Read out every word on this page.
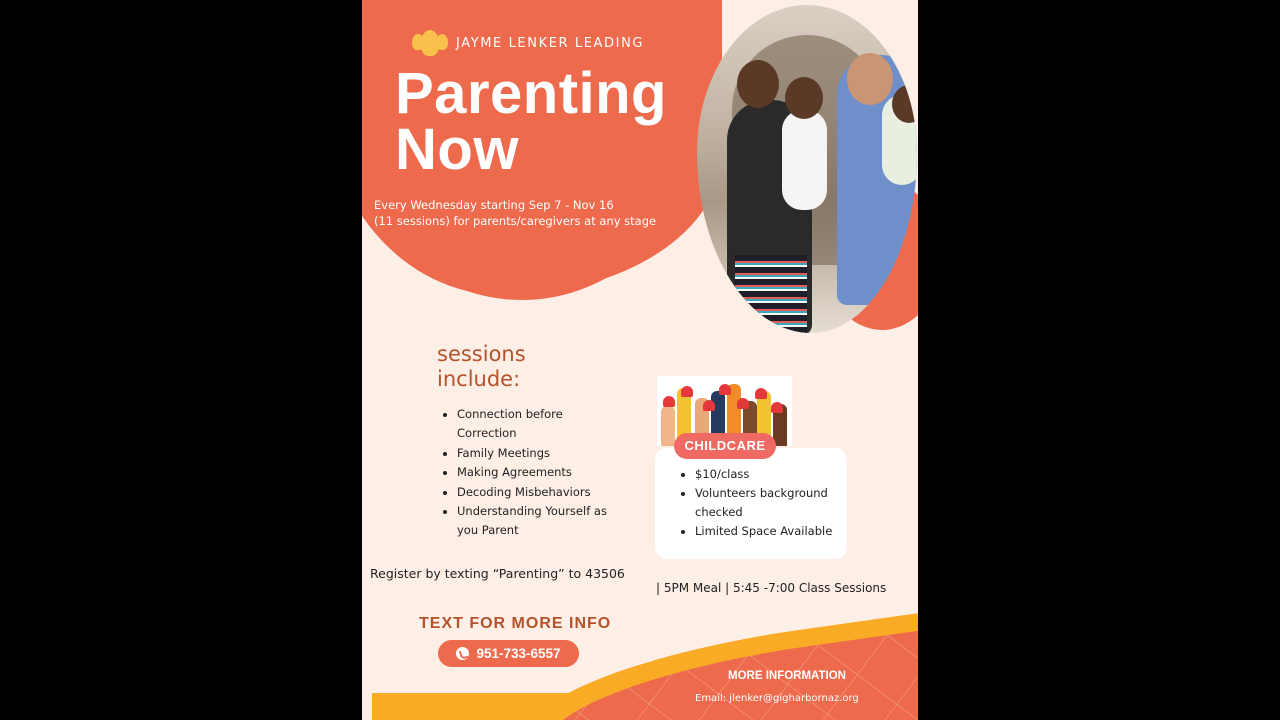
JAYME LENKER LEADING
Parenting
Now
Every Wednesday starting Sep 7 - Nov 16
(11 sessions) for parents/caregivers at any stage
sessions
include:
• Connection before Correction
• Family Meetings
• Making Agreements
• Decoding Misbehaviors
• Understanding Yourself as you Parent
CHILDCARE
• $10/class
• Volunteers background checked
• Limited Space Available
Register by texting “Parenting” to 43506
| 5PM Meal | 5:45 -7:00 Class Sessions
TEXT FOR MORE INFO
951-733-6557
MORE INFORMATION
Email: jlenker@gigharbornaz.org
